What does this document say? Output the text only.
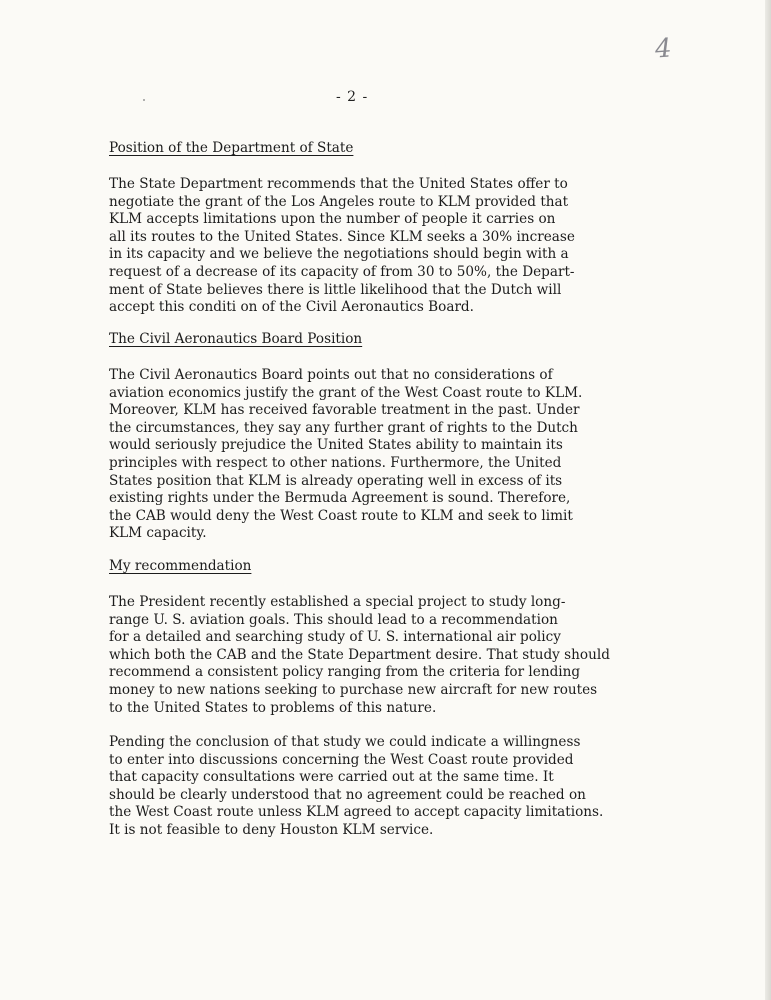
4
- 2 -

Position of the Department of State

The State Department recommends that the United States offer to
negotiate the grant of the Los Angeles route to KLM provided that
KLM accepts limitations upon the number of people it carries on
all its routes to the United States. Since KLM seeks a 30% increase
in its capacity and we believe the negotiations should begin with a
request of a decrease of its capacity of from 30 to 50%, the Depart-
ment of State believes there is little likelihood that the Dutch will
accept this conditi on of the Civil Aeronautics Board.

The Civil Aeronautics Board Position

The Civil Aeronautics Board points out that no considerations of
aviation economics justify the grant of the West Coast route to KLM.
Moreover, KLM has received favorable treatment in the past. Under
the circumstances, they say any further grant of rights to the Dutch
would seriously prejudice the United States ability to maintain its
principles with respect to other nations. Furthermore, the United
States position that KLM is already operating well in excess of its
existing rights under the Bermuda Agreement is sound. Therefore,
the CAB would deny the West Coast route to KLM and seek to limit
KLM capacity.

My recommendation

The President recently established a special project to study long-
range U. S. aviation goals. This should lead to a recommendation
for a detailed and searching study of U. S. international air policy
which both the CAB and the State Department desire. That study should
recommend a consistent policy ranging from the criteria for lending
money to new nations seeking to purchase new aircraft for new routes
to the United States to problems of this nature.

Pending the conclusion of that study we could indicate a willingness
to enter into discussions concerning the West Coast route provided
that capacity consultations were carried out at the same time. It
should be clearly understood that no agreement could be reached on
the West Coast route unless KLM agreed to accept capacity limitations.
It is not feasible to deny Houston KLM service.
